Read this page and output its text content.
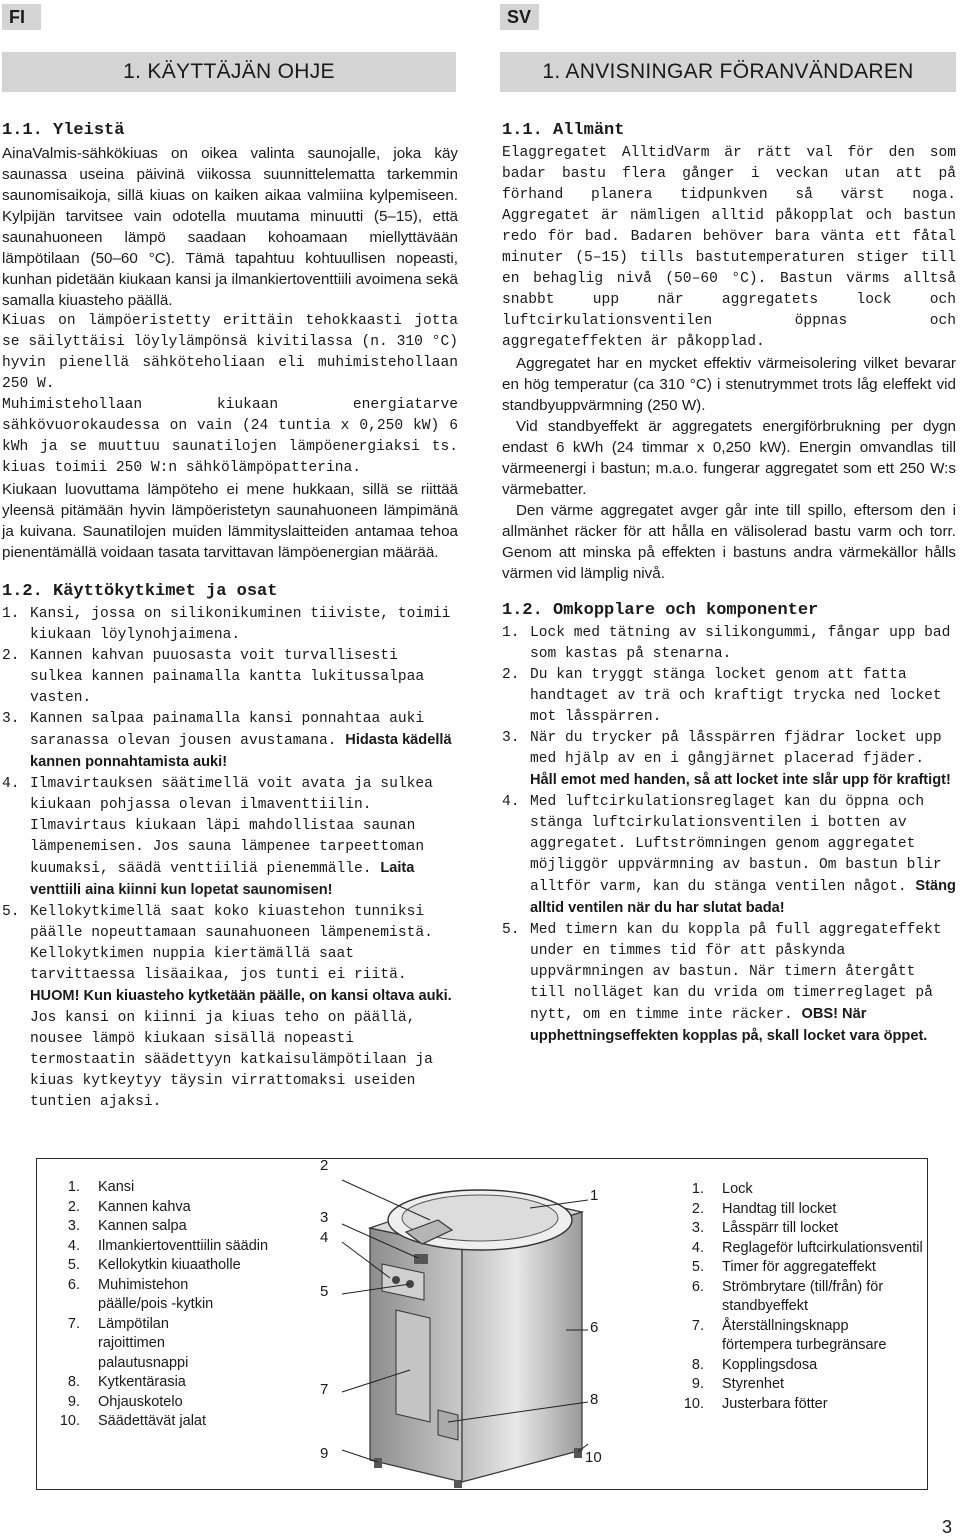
FI	SV
1. KÄYTTÄJÄN OHJE	1. ANVISNINGAR FÖRANVÄNDAREN
1.1. Yleistä

AinaValmis-sähkökiuas on oikea valinta saunojalle, joka käy saunassa useina päivinä viikossa suunnittelematta tarkemmin saunomisaikoja, sillä kiuas on kaiken aikaa valmiina kylpemiseen. Kylpijän tarvitsee vain odotella muutama minuutti (5–15), että saunahuoneen lämpö saadaan kohoamaan miellyttävään lämpötilaan (50–60 °C). Tämä tapahtuu kohtuullisen nopeasti, kunhan pidetään kiukaan kansi ja ilmankiertoventtiili avoimena sekä samalla kiuasteho päällä.

Kiuas on lämpöeristetty erittäin tehokkaasti jotta se säilyttäisi löylylämpönsä kivitilassa (n. 310 °C) hyvin pienellä sähköteholiaan eli muhimistehollaan 250 W.

Muhimistehollaan kiukaan energiatarve sähkövuorokaudessa on vain (24 tuntia x 0,250 kW) 6 kWh ja se muuttuu saunatilojen lämpöenergiaksi ts. kiuas toimii 250 W:n sähkölämpöpatterina.

Kiukaan luovuttama lämpöteho ei mene hukkaan, sillä se riittää yleensä pitämään hyvin lämpöeristetyn saunahuoneen lämpimänä ja kuivana. Saunatilojen muiden lämmityslaitteiden antamaa tehoa pienentämällä voidaan tasata tarvittavan lämpöenergian määrää.

1.2. Käyttökytkimet ja osat
1. Kansi, jossa on silikonikuminen tiiviste, toimii kiukaan löylynohjaimena.
2. Kannen kahvan puuosasta voit turvallisesti sulkea kannen painamalla kantta lukitussalpaa vasten.
3. Kannen salpaa painamalla kansi ponnahtaa auki saranassa olevan jousen avustamana. Hidasta kädellä kannen ponnahtamista auki!
4. Ilmavirtauksen säätimellä voit avata ja sulkea kiukaan pohjassa olevan ilmaventtiilin. Ilmavirtaus kiukaan läpi mahdollistaa saunan lämpenemisen. Jos sauna lämpenee tarpeettoman kuumaksi, säädä venttiiliä pienemmälle. Laita venttiili aina kiinni kun lopetat saunomisen!
5. Kellokytkimellä saat koko kiuastehon tunniksi päälle nopeuttamaan saunahuoneen lämpenemistä. Kellokytkimen nuppia kiertämällä saat tarvittaessa lisäaikaa, jos tunti ei riitä. HUOM! Kun kiuasteho kytketään päälle, on kansi oltava auki. Jos kansi on kiinni ja kiuas teho on päällä, nousee lämpö kiukaan sisällä nopeasti termostaatin säädettyyn katkaisulämpötilaan ja kiuas kytkeytyy täysin virrattomaksi useiden tuntien ajaksi.
1.1. Allmänt

Elaggregatet AlltidVarm är rätt val för den som badar bastu flera gånger i veckan utan att på förhand planera tidpunkven så värst noga. Aggregatet är nämligen alltid påkopplat och bastun redo för bad. Badaren behöver bara vänta ett fåtal minuter (5–15) tills bastutemperaturen stiger till en behaglig nivå (50–60 °C). Bastun värms alltså snabbt upp när aggregatets lock och luftcirkulationsventilen öppnas och aggregateffekten är påkopplad.

Aggregatet har en mycket effektiv värmeisolering vilket bevarar en hög temperatur (ca 310 °C) i stenutrymmet trots låg eleffekt vid standbyuppvärmning (250 W).

Vid standbyeffekt är aggregatets energiförbrukning per dygn endast 6 kWh (24 timmar x 0,250 kW). Energin omvandlas till värmeenergi i bastun; m.a.o. fungerar aggregatet som ett 250 W:s värmebatter.

Den värme aggregatet avger går inte till spillo, eftersom den i allmänhet räcker för att hålla en välisolerad bastu varm och torr. Genom att minska på effekten i bastuns andra värmekällor hålls värmen vid lämplig nivå.

1.2. Omkopplare och komponenter
1. Lock med tätning av silikongummi, fångar upp bad som kastas på stenarna.
2. Du kan tryggt stänga locket genom att fatta handtaget av trä och kraftigt trycka ned locket mot låsspärren.
3. När du trycker på låsspärren fjädrar locket upp med hjälp av en i gångjärnet placerad fjäder. Håll emot med handen, så att locket inte slår upp för kraftigt!
4. Med luftcirkulationsreglaget kan du öppna och stänga luftcirkulationsventilen i botten av aggregatet. Luftströmningen genom aggregatet möjliggör uppvärmning av bastun. Om bastun blir alltför varm, kan du stänga ventilen något. Stäng alltid ventilen när du har slutat bada!
5. Med timern kan du koppla på full aggregateffekt under en timmes tid för att påskynda uppvärmningen av bastun. När timern återgått till nolläget kan du vrida om timerreglaget på nytt, om en timme inte räcker. OBS! När upphettningseffekten kopplas på, skall locket vara öppet.
1. Kansi
2. Kannen kahva
3. Kannen salpa
4. Ilmankiertoventtiilin säädin
5. Kellokytkin kiuaatholle
6. Muhimistehon päälle/pois -kytkin
7. Lämpötilan rajoittimen palautusnappi
8. Kytkentärasia
9. Ohjauskotelo
10. Säädettävät jalat
1. Lock
2. Handtag till locket
3. Låsspärr till locket
4. Reglageför luftcirkulationsventil
5. Timer för aggregateffekt
6. Strömbrytare (till/från) för standbyeffekt
7. Återställningsknapp förtempera turbegränsare
8. Kopplingsdosa
9. Styrenhet
10. Justerbara fötter
2
3
4
5
7
9
1
6
8
10
3
